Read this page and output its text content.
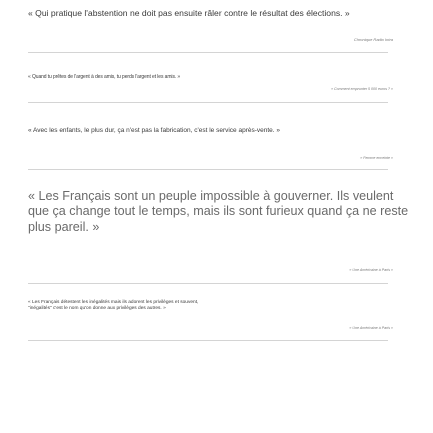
« Qui pratique l'abstention ne doit pas ensuite râler contre le résultat des élections. »

Chronique Radio Intra

« Quand tu prêtes de l'argent à des amis, tu perds l'argent et les amis. »

« Comment emprunter 5 000 euros ? »

« Avec les enfants, le plus dur, ça n'est pas la fabrication, c'est le service après-vente. »

« Femme enceinte »

« Les Français sont un peuple impossible à gouverner. Ils veulent que ça change tout le temps, mais ils sont furieux quand ça ne reste plus pareil. »

« Une Américaine à Paris »

« Les Français détestent les inégalités mais ils adorent les privilèges et souvent, "inégalités" c'est le nom qu'on donne aux privilèges des autres. »

« Une Américaine à Paris »
